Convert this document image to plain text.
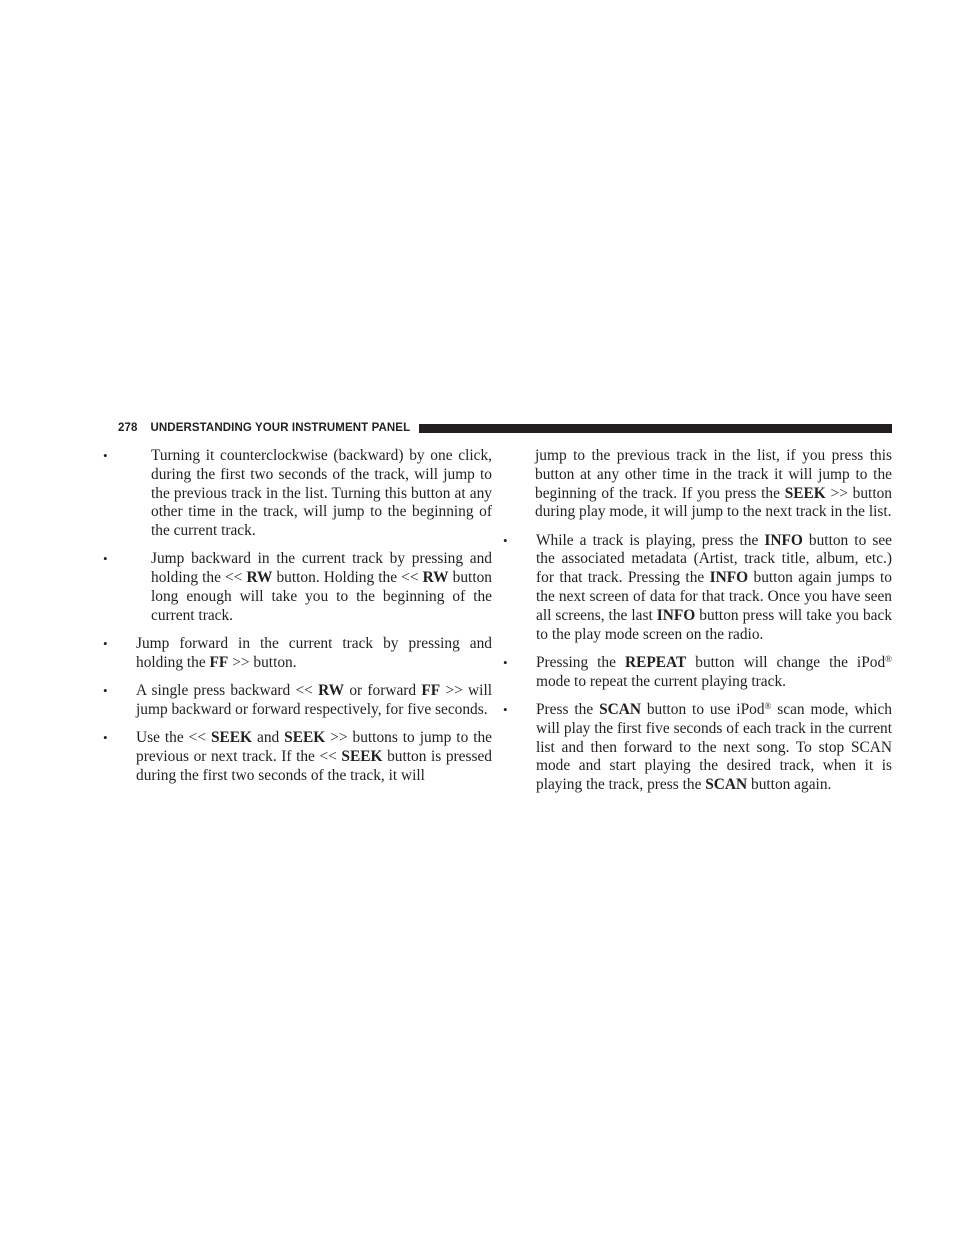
278 UNDERSTANDING YOUR INSTRUMENT PANEL
• Turning it counterclockwise (backward) by one click, during the first two seconds of the track, will jump to the previous track in the list. Turning this button at any other time in the track, will jump to the beginning of the current track.
• Jump backward in the current track by pressing and holding the << RW button. Holding the << RW button long enough will take you to the beginning of the current track.
• Jump forward in the current track by pressing and holding the FF >> button.
• A single press backward << RW or forward FF >> will jump backward or forward respectively, for five seconds.
• Use the << SEEK and SEEK >> buttons to jump to the previous or next track. If the << SEEK button is pressed during the first two seconds of the track, it will

jump to the previous track in the list, if you press this button at any other time in the track it will jump to the beginning of the track. If you press the SEEK >> button during play mode, it will jump to the next track in the list.

• While a track is playing, press the INFO button to see the associated metadata (Artist, track title, album, etc.) for that track. Pressing the INFO button again jumps to the next screen of data for that track. Once you have seen all screens, the last INFO button press will take you back to the play mode screen on the radio.
• Pressing the REPEAT button will change the iPod® mode to repeat the current playing track.
• Press the SCAN button to use iPod® scan mode, which will play the first five seconds of each track in the current list and then forward to the next song. To stop SCAN mode and start playing the desired track, when it is playing the track, press the SCAN button again.
